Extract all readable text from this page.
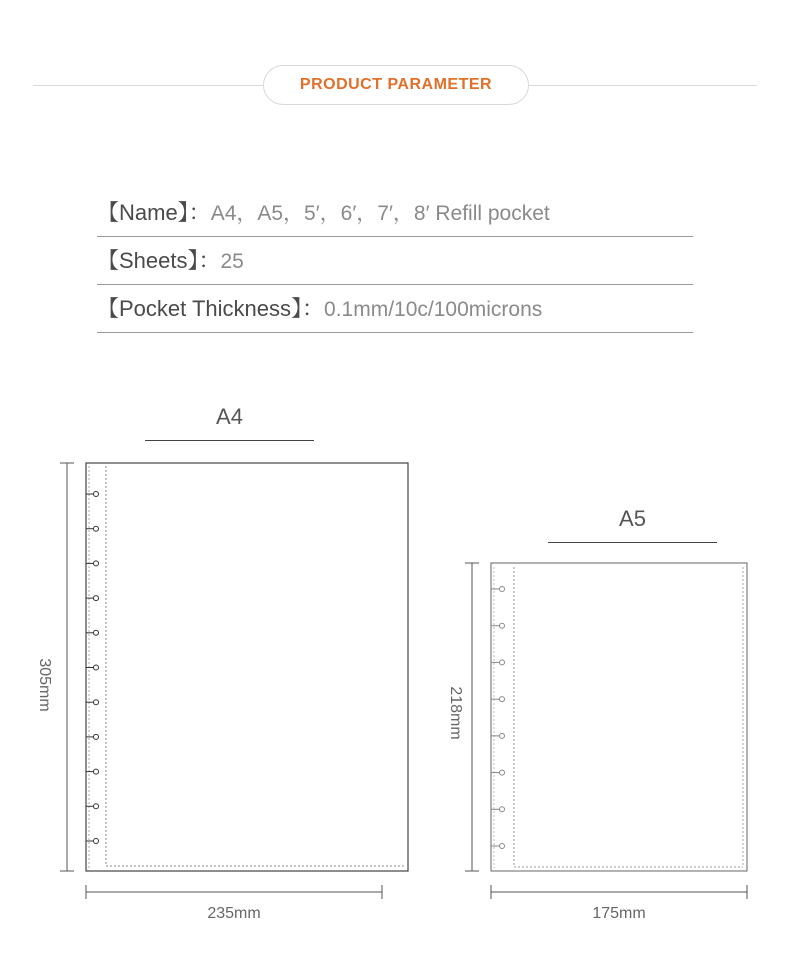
PRODUCT PARAMETER
【Name】：A4，A5，5′，6′，7′，8′ Refill pocket
【Sheets】：25
【Pocket Thickness】：0.1mm/10c/100microns
A4
A5
305mm
235mm
218mm
175mm
